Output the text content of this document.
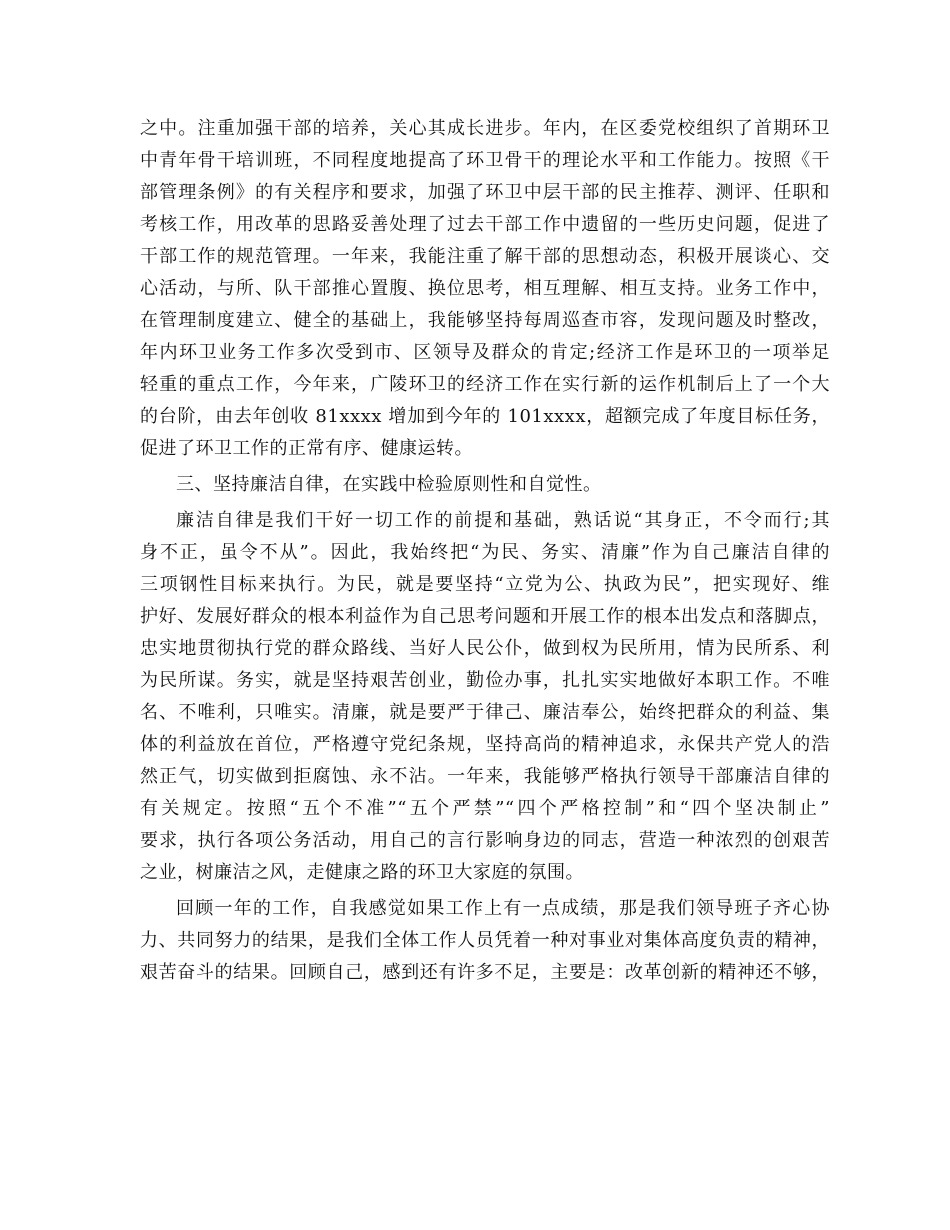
之中。注重加强干部的培养，关心其成长进步。年内，在区委党校组织了首期环卫
中青年骨干培训班，不同程度地提高了环卫骨干的理论水平和工作能力。按照《干
部管理条例》的有关程序和要求，加强了环卫中层干部的民主推荐、测评、任职和
考核工作，用改革的思路妥善处理了过去干部工作中遗留的一些历史问题，促进了
干部工作的规范管理。一年来，我能注重了解干部的思想动态，积极开展谈心、交
心活动，与所、队干部推心置腹、换位思考，相互理解、相互支持。业务工作中，
在管理制度建立、健全的基础上，我能够坚持每周巡查市容，发现问题及时整改，
年内环卫业务工作多次受到市、区领导及群众的肯定;经济工作是环卫的一项举足
轻重的重点工作，今年来，广陵环卫的经济工作在实行新的运作机制后上了一个大
的台阶，由去年创收 81xxxx 增加到今年的 101xxxx，超额完成了年度目标任务，
促进了环卫工作的正常有序、健康运转。
三、坚持廉洁自律，在实践中检验原则性和自觉性。
廉洁自律是我们干好一切工作的前提和基础，熟话说“其身正，不令而行;其
身不正，虽令不从”。因此，我始终把“为民、务实、清廉”作为自己廉洁自律的
三项钢性目标来执行。为民，就是要坚持“立党为公、执政为民”，把实现好、维
护好、发展好群众的根本利益作为自己思考问题和开展工作的根本出发点和落脚点，
忠实地贯彻执行党的群众路线、当好人民公仆，做到权为民所用，情为民所系、利
为民所谋。务实，就是坚持艰苦创业，勤俭办事，扎扎实实地做好本职工作。不唯
名、不唯利，只唯实。清廉，就是要严于律己、廉洁奉公，始终把群众的利益、集
体的利益放在首位，严格遵守党纪条规，坚持高尚的精神追求，永保共产党人的浩
然正气，切实做到拒腐蚀、永不沾。一年来，我能够严格执行领导干部廉洁自律的
有关规定。按照“五个不准”“五个严禁”“四个严格控制”和“四个坚决制止”
要求，执行各项公务活动，用自己的言行影响身边的同志，营造一种浓烈的创艰苦
之业，树廉洁之风，走健康之路的环卫大家庭的氛围。
回顾一年的工作，自我感觉如果工作上有一点成绩，那是我们领导班子齐心协
力、共同努力的结果，是我们全体工作人员凭着一种对事业对集体高度负责的精神，
艰苦奋斗的结果。回顾自己，感到还有许多不足，主要是：改革创新的精神还不够，
